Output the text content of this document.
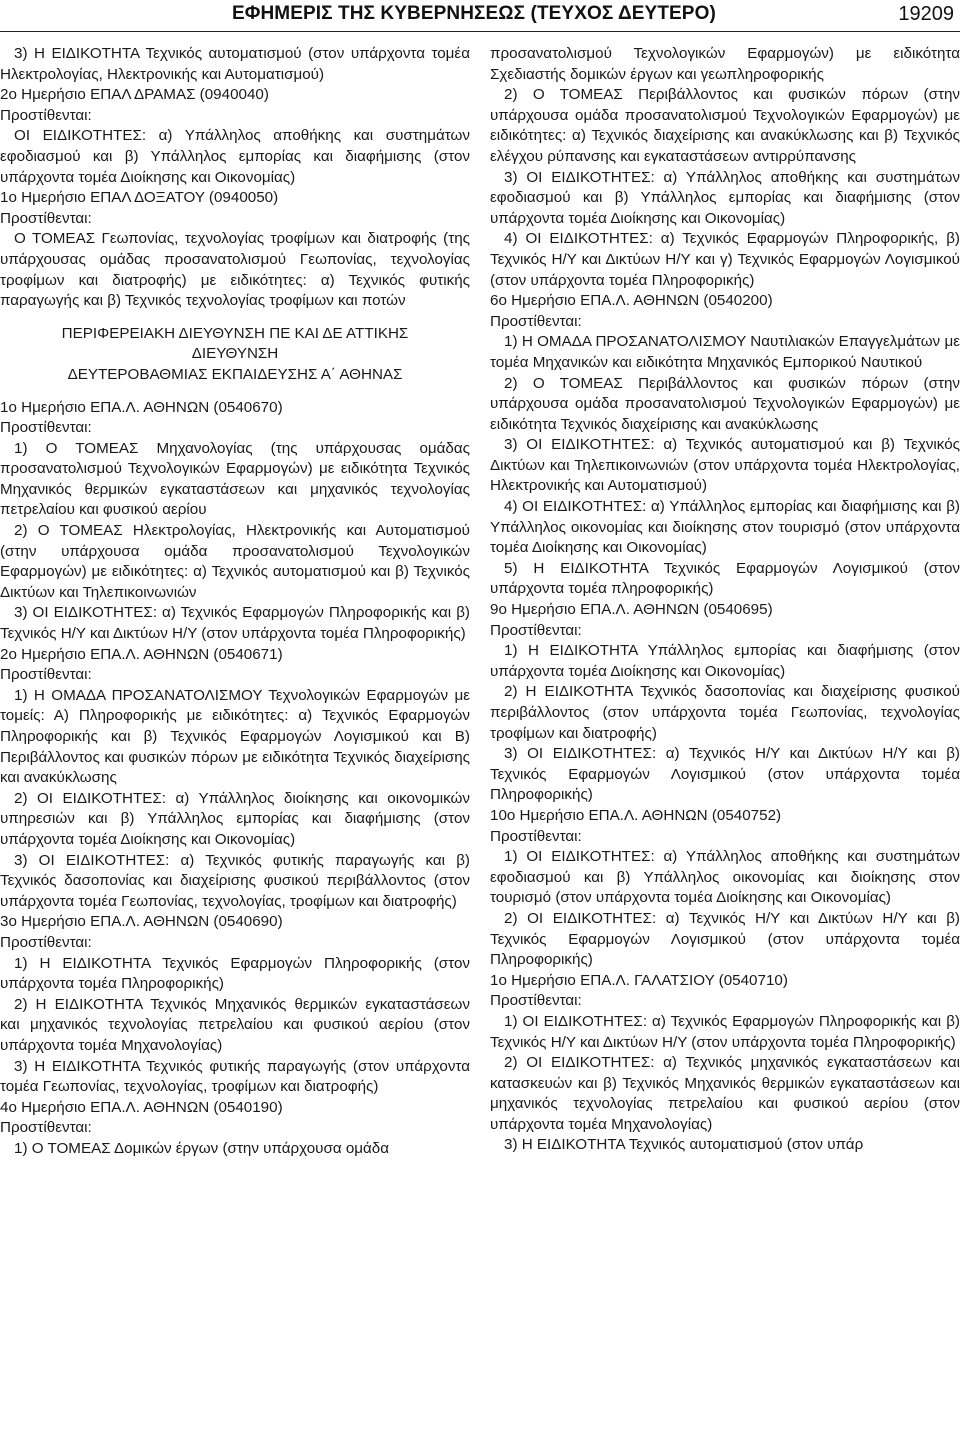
ΕΦΗΜΕΡΙΣ ΤΗΣ ΚΥΒΕΡΝΗΣΕΩΣ (ΤΕΥΧΟΣ ΔΕΥΤΕΡΟ)	19209

3) Η ΕΙΔΙΚΟΤΗΤΑ Τεχνικός αυτοματισμού (στον υπάρχοντα τομέα Ηλεκτρολογίας, Ηλεκτρονικής και Αυτοματισμού)

2ο Ημερήσιο ΕΠΑΛ ΔΡΑΜΑΣ (0940040)

Προστίθενται:

ΟΙ ΕΙΔΙΚΟΤΗΤΕΣ: α) Υπάλληλος αποθήκης και συστημάτων εφοδιασμού και β) Υπάλληλος εμπορίας και διαφήμισης (στον υπάρχοντα τομέα Διοίκησης και Οικονομίας)

1ο Ημερήσιο ΕΠΑΛ ΔΟΞΑΤΟΥ (0940050)

Προστίθενται:

Ο ΤΟΜΕΑΣ Γεωπονίας, τεχνολογίας τροφίμων και διατροφής (της υπάρχουσας ομάδας προσανατολισμού Γεωπονίας, τεχνολογίας τροφίμων και διατροφής) με ειδικότητες: α) Τεχνικός φυτικής παραγωγής και β) Τεχνικός τεχνολογίας τροφίμων και ποτών

ΠΕΡΙΦΕΡΕΙΑΚΗ ΔΙΕΥΘΥΝΣΗ ΠΕ ΚΑΙ ΔΕ ΑΤΤΙΚΗΣ

ΔΙΕΥΘΥΝΣΗ

ΔΕΥΤΕΡΟΒΑΘΜΙΑΣ ΕΚΠΑΙΔΕΥΣΗΣ Α΄ ΑΘΗΝΑΣ

1ο Ημερήσιο ΕΠΑ.Λ. ΑΘΗΝΩΝ (0540670)

Προστίθενται:

1) Ο ΤΟΜΕΑΣ Μηχανολογίας (της υπάρχουσας ομάδας προσανατολισμού Τεχνολογικών Εφαρμογών) με ειδικότητα Τεχνικός Μηχανικός θερμικών εγκαταστάσεων και μηχανικός τεχνολογίας πετρελαίου και φυσικού αερίου

2) Ο ΤΟΜΕΑΣ Ηλεκτρολογίας, Ηλεκτρονικής και Αυτοματισμού (στην υπάρχουσα ομάδα προσανατολισμού Τεχνολογικών Εφαρμογών) με ειδικότητες: α) Τεχνικός αυτοματισμού και β) Τεχνικός Δικτύων και Τηλεπικοινωνιών

3) ΟΙ ΕΙΔΙΚΟΤΗΤΕΣ: α) Τεχνικός Εφαρμογών Πληροφορικής και β) Τεχνικός Η/Υ και Δικτύων Η/Υ (στον υπάρχοντα τομέα Πληροφορικής)

2ο Ημερήσιο ΕΠΑ.Λ. ΑΘΗΝΩΝ (0540671)

Προστίθενται:

1) Η ΟΜΑΔΑ ΠΡΟΣΑΝΑΤΟΛΙΣΜΟΥ Τεχνολογικών Εφαρμογών με τομείς: Α) Πληροφορικής με ειδικότητες: α) Τεχνικός Εφαρμογών Πληροφορικής και β) Τεχνικός Εφαρμογών Λογισμικού και Β) Περιβάλλοντος και φυσικών πόρων με ειδικότητα Τεχνικός διαχείρισης και ανακύκλωσης

2) ΟΙ ΕΙΔΙΚΟΤΗΤΕΣ: α) Υπάλληλος διοίκησης και οικονομικών υπηρεσιών και β) Υπάλληλος εμπορίας και διαφήμισης (στον υπάρχοντα τομέα Διοίκησης και Οικονομίας)

3) ΟΙ ΕΙΔΙΚΟΤΗΤΕΣ: α) Τεχνικός φυτικής παραγωγής και β) Τεχνικός δασοπονίας και διαχείρισης φυσικού περιβάλλοντος (στον υπάρχοντα τομέα Γεωπονίας, τεχνολογίας, τροφίμων και διατροφής)

3ο Ημερήσιο ΕΠΑ.Λ. ΑΘΗΝΩΝ (0540690)

Προστίθενται:

1) Η ΕΙΔΙΚΟΤΗΤΑ Τεχνικός Εφαρμογών Πληροφορικής (στον υπάρχοντα τομέα Πληροφορικής)

2) Η ΕΙΔΙΚΟΤΗΤΑ Τεχνικός Μηχανικός θερμικών εγκαταστάσεων και μηχανικός τεχνολογίας πετρελαίου και φυσικού αερίου (στον υπάρχοντα τομέα Μηχανολογίας)

3) Η ΕΙΔΙΚΟΤΗΤΑ Τεχνικός φυτικής παραγωγής (στον υπάρχοντα τομέα Γεωπονίας, τεχνολογίας, τροφίμων και διατροφής)

4ο Ημερήσιο ΕΠΑ.Λ. ΑΘΗΝΩΝ (0540190)

Προστίθενται:

1) Ο ΤΟΜΕΑΣ Δομικών έργων (στην υπάρχουσα ομάδα

προσανατολισμού Τεχνολογικών Εφαρμογών) με ειδικότητα Σχεδιαστής δομικών έργων και γεωπληροφορικής

2) Ο ΤΟΜΕΑΣ Περιβάλλοντος και φυσικών πόρων (στην υπάρχουσα ομάδα προσανατολισμού Τεχνολογικών Εφαρμογών) με ειδικότητες: α) Τεχνικός διαχείρισης και ανακύκλωσης και β) Τεχνικός ελέγχου ρύπανσης και εγκαταστάσεων αντιρρύπανσης

3) ΟΙ ΕΙΔΙΚΟΤΗΤΕΣ: α) Υπάλληλος αποθήκης και συστημάτων εφοδιασμού και β) Υπάλληλος εμπορίας και διαφήμισης (στον υπάρχοντα τομέα Διοίκησης και Οικονομίας)

4) ΟΙ ΕΙΔΙΚΟΤΗΤΕΣ: α) Τεχνικός Εφαρμογών Πληροφορικής, β) Τεχνικός Η/Υ και Δικτύων Η/Υ και γ) Τεχνικός Εφαρμογών Λογισμικού (στον υπάρχοντα τομέα Πληροφορικής)

6ο Ημερήσιο ΕΠΑ.Λ. ΑΘΗΝΩΝ (0540200)

Προστίθενται:

1) Η ΟΜΑΔΑ ΠΡΟΣΑΝΑΤΟΛΙΣΜΟΥ Ναυτιλιακών Επαγγελμάτων με τομέα Μηχανικών και ειδικότητα Μηχανικός Εμπορικού Ναυτικού

2) Ο ΤΟΜΕΑΣ Περιβάλλοντος και φυσικών πόρων (στην υπάρχουσα ομάδα προσανατολισμού Τεχνολογικών Εφαρμογών) με ειδικότητα Τεχνικός διαχείρισης και ανακύκλωσης

3) ΟΙ ΕΙΔΙΚΟΤΗΤΕΣ: α) Τεχνικός αυτοματισμού και β) Τεχνικός Δικτύων και Τηλεπικοινωνιών (στον υπάρχοντα τομέα Ηλεκτρολογίας, Ηλεκτρονικής και Αυτοματισμού)

4) ΟΙ ΕΙΔΙΚΟΤΗΤΕΣ: α) Υπάλληλος εμπορίας και διαφήμισης και β) Υπάλληλος οικονομίας και διοίκησης στον τουρισμό (στον υπάρχοντα τομέα Διοίκησης και Οικονομίας)

5) Η ΕΙΔΙΚΟΤΗΤΑ Τεχνικός Εφαρμογών Λογισμικού (στον υπάρχοντα τομέα πληροφορικής)

9ο Ημερήσιο ΕΠΑ.Λ. ΑΘΗΝΩΝ (0540695)

Προστίθενται:

1) Η ΕΙΔΙΚΟΤΗΤΑ Υπάλληλος εμπορίας και διαφήμισης (στον υπάρχοντα τομέα Διοίκησης και Οικονομίας)

2) Η ΕΙΔΙΚΟΤΗΤΑ Τεχνικός δασοπονίας και διαχείρισης φυσικού περιβάλλοντος (στον υπάρχοντα τομέα Γεωπονίας, τεχνολογίας τροφίμων και διατροφής)

3) ΟΙ ΕΙΔΙΚΟΤΗΤΕΣ: α) Τεχνικός Η/Υ και Δικτύων Η/Υ και β) Τεχνικός Εφαρμογών Λογισμικού (στον υπάρχοντα τομέα Πληροφορικής)

10ο Ημερήσιο ΕΠΑ.Λ. ΑΘΗΝΩΝ (0540752)

Προστίθενται:

1) ΟΙ ΕΙΔΙΚΟΤΗΤΕΣ: α) Υπάλληλος αποθήκης και συστημάτων εφοδιασμού και β) Υπάλληλος οικονομίας και διοίκησης στον τουρισμό (στον υπάρχοντα τομέα Διοίκησης και Οικονομίας)

2) ΟΙ ΕΙΔΙΚΟΤΗΤΕΣ: α) Τεχνικός Η/Υ και Δικτύων Η/Υ και β) Τεχνικός Εφαρμογών Λογισμικού (στον υπάρχοντα τομέα Πληροφορικής)

1ο Ημερήσιο ΕΠΑ.Λ. ΓΑΛΑΤΣΙΟΥ (0540710)

Προστίθενται:

1) ΟΙ ΕΙΔΙΚΟΤΗΤΕΣ: α) Τεχνικός Εφαρμογών Πληροφορικής και β) Τεχνικός Η/Υ και Δικτύων Η/Υ (στον υπάρχοντα τομέα Πληροφορικής)

2) ΟΙ ΕΙΔΙΚΟΤΗΤΕΣ: α) Τεχνικός μηχανικός εγκαταστάσεων και κατασκευών και β) Τεχνικός Μηχανικός θερμικών εγκαταστάσεων και μηχανικός τεχνολογίας πετρελαίου και φυσικού αερίου (στον υπάρχοντα τομέα Μηχανολογίας)

3) Η ΕΙΔΙΚΟΤΗΤΑ Τεχνικός αυτοματισμού (στον υπάρ
